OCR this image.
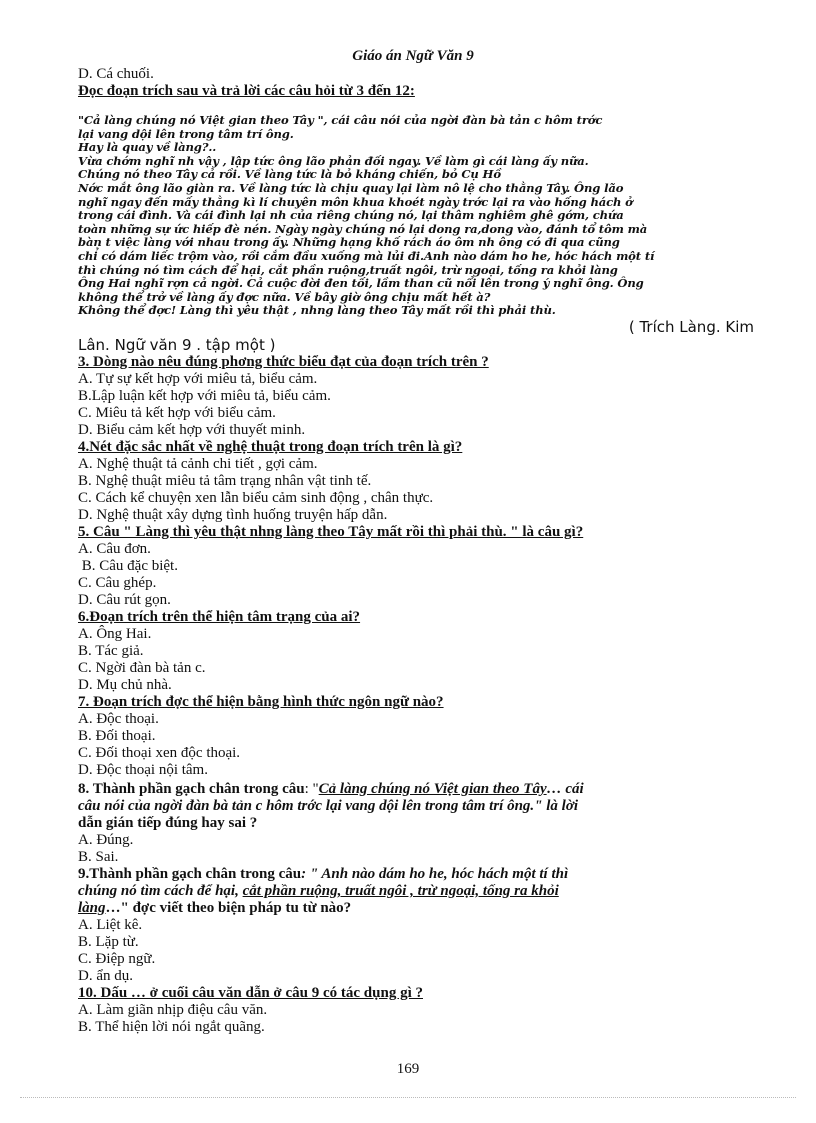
Giáo án Ngữ Văn 9
D. Cá chuối.
Đọc đoạn trích sau và trả lời các câu hỏi từ 3 đến 12:
"Cả làng chúng nó Việt gian theo Tây ", cái câu nói của ngời đàn bà tản c hôm trớc
lại vang dội lên trong tâm trí ông.
Hay là quay về làng?..
Vừa chớm nghĩ nh vậy , lập tức ông lão phản đối ngay. Về làm gì cái làng ấy nữa.
Chúng nó theo Tây cả rồi. Về làng tức là bỏ kháng chiến, bỏ Cụ Hồ
Nớc mắt ông lão giàn ra. Về làng tức là chịu quay lại làm nô lệ cho thằng Tây. Ông lão
nghĩ ngay đến mấy thằng kì lí chuyên môn khua khoét ngày trớc lại ra vào hống hách ở
trong cái đình. Và cái đình lại nh của riêng chúng nó, lại thâm nghiêm ghê gớm, chứa
toàn những sự ức hiếp đè nén. Ngày ngày chúng nó lại dong ra,dong vào, đánh tổ tôm mà
bàn t việc làng với nhau trong ấy. Những hạng khố rách áo ôm nh ông có đi qua cũng
chỉ có dám liếc trộm vào, rồi cắm đầu xuống mà lủi đi.Anh nào dám ho he, hóc hách một tí
thì chúng nó tìm cách để hại, cắt phần ruộng,truất ngôi, trừ ngoại, tống ra khỏi làng
Ông Hai nghĩ rợn cả ngời. Cả cuộc đời đen tối, lầm than cũ nổi lên trong ý nghĩ ông. Ông
không thể trở về làng ấy đợc nữa. Về bây giờ ông chịu mất hết à?
Không thể đợc! Làng thì yêu thật , nhng làng theo Tây mất rồi thì phải thù.
( Trích Làng. Kim
Lân. Ngữ văn 9 . tập một )
3. Dòng nào nêu đúng phơng thức biểu đạt của đoạn trích trên ?
A. Tự sự kết hợp với miêu tả, biểu cảm.
B.Lập luận kết hợp với miêu tả, biểu cảm.
C. Miêu tả kết hợp với biểu cảm.
D. Biểu cảm kết hợp với thuyết minh.
4.Nét đặc sắc nhất về nghệ thuật trong đoạn trích trên là gì?
A. Nghệ thuật tả cảnh chi tiết , gợi cảm.
B. Nghệ thuật miêu tả tâm trạng nhân vật tinh tế.
C. Cách kể chuyện xen lẫn biểu cảm sinh động , chân thực.
D. Nghệ thuật xây dựng tình huống truyện hấp dẫn.
5. Câu " Làng thì yêu thật nhng làng theo Tây mất rồi thì phải thù. " là câu gì?
A. Câu đơn.
B. Câu đặc biệt.
C. Câu ghép.
D. Câu rút gọn.
6.Đoạn trích trên thể hiện tâm trạng của ai?
A. Ông Hai.
B. Tác giả.
C. Ngời đàn bà tản c.
D. Mụ chủ nhà.
7. Đoạn trích đợc thể hiện bằng hình thức ngôn ngữ nào?
A. Độc thoại.
B. Đối thoại.
C. Đối thoại xen độc thoại.
D. Độc thoại nội tâm.
8. Thành phần gạch chân trong câu: "Cả làng chúng nó Việt gian theo Tây… cái
câu nói của ngời đàn bà tản c hôm trớc lại vang dội lên trong tâm trí ông." là lời
dẫn gián tiếp đúng hay sai ?
A. Đúng.
B. Sai.
9.Thành phần gạch chân trong câu: " Anh nào dám ho he, hóc hách một tí thì
chúng nó tìm cách để hại, cắt phần ruộng, truất ngôi , trừ ngoại, tống ra khỏi
làng…" đợc viết theo biện pháp tu từ nào?
A. Liệt kê.
B. Lặp từ.
C. Điệp ngữ.
D. ẩn dụ.
10. Dấu … ở cuối câu văn dẫn ở câu 9 có tác dụng gì ?
A. Làm giãn nhịp điệu câu văn.
B. Thể hiện lời nói ngắt quãng.
169
